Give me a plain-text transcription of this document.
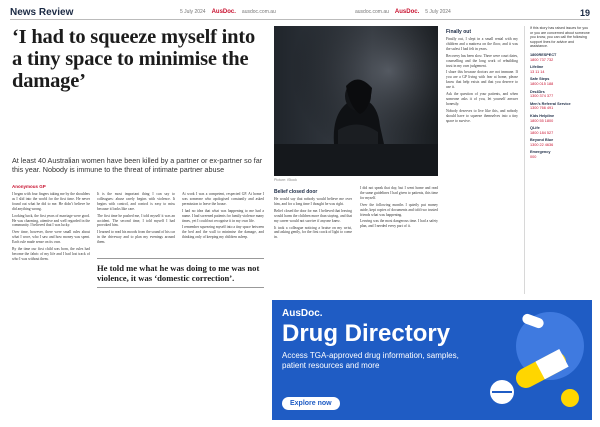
News Review	5 July 2024 AusDoc. ausdoc.com.au	ausdoc.com.au AusDoc. 5 July 2024	19
‘I had to squeeze myself into a tiny space to minimise the damage’

At least 40 Australian women have been killed by a partner or ex-partner so far this year. Nobody is immune to the threat of intimate partner abuse

Picture: iStock
Anonymous GP

I began with four fingers taking me by the shoulders as I slid into the world for the first time. He never found out what he did to me. He didn’t believe he did anything wrong.

Looking back, the first years of marriage were good. He was charming, attentive and well regarded in the community. I believed that I was lucky.

Over time, however, there were small rules about what I wore, who I saw and how money was spent. Each rule made sense on its own.

By the time our first child was born, the rules had become the fabric of my life and I had lost track of who I was without them.

It is the most important thing I can say to colleagues: abuse rarely begins with violence. It begins with control, and control is easy to miss because it looks like care.

The first time he pushed me, I told myself it was an accident. The second time, I told myself I had provoked him.

I learned to read his moods from the sound of his car in the driveway and to plan my evenings around them.

At work I was a competent, respected GP. At home I was someone who apologised constantly and asked permission to leave the house.

I had no idea that what was happening to me had a name. I had screened patients for family violence many times, yet I could not recognise it in my own life.

I remember squeezing myself into a tiny space between the bed and the wall to minimise the damage, and thinking only of keeping my children asleep.

He told me what he was doing to me was not violence, it was ‘domestic correction’.
Belief closed door

He would say that nobody would believe me over him, and for a long time I thought he was right.

Belief closed the door for me. I believed that leaving would harm the children more than staying, and that my career would not survive if anyone knew.

It took a colleague noticing a bruise on my wrist, and asking gently, for the first crack of light to come in.

I did not speak that day, but I went home and read the same guidelines I had given to patients, this time for myself.

Over the following months I quietly put money aside, kept copies of documents and told two trusted friends what was happening.

Leaving was the most dangerous time. I had a safety plan, and I needed every part of it.

Finally out

Finally out, I slept in a small rental with my children and a mattress on the floor, and it was the safest I had felt in years.

Recovery has been slow. There were court dates, counselling and the long work of rebuilding trust in my own judgement.

I share this because doctors are not immune. If you are a GP living with fear at home, please know that help exists and that you deserve to use it.

Ask the question of your patients, and when someone asks it of you, let yourself answer honestly.

Nobody deserves to live like this, and nobody should have to squeeze themselves into a tiny space to survive.

If this story has raised issues for you or you are concerned about someone you know, you can call the following support lines for advice and assistance.

1800RESPECT
1800 737 732
Lifeline
13 11 14
Safe Steps
1800 015 188
Drs4Drs
1300 374 377
Men’s Referral Service
1300 766 491
Kids Helpline
1800 55 1800
QLife
1800 184 527
Beyond Blue
1300 22 4636
Emergency
000
AusDoc.
Drug Directory
Access TGA-approved drug information, samples, patient resources and more
Explore now
